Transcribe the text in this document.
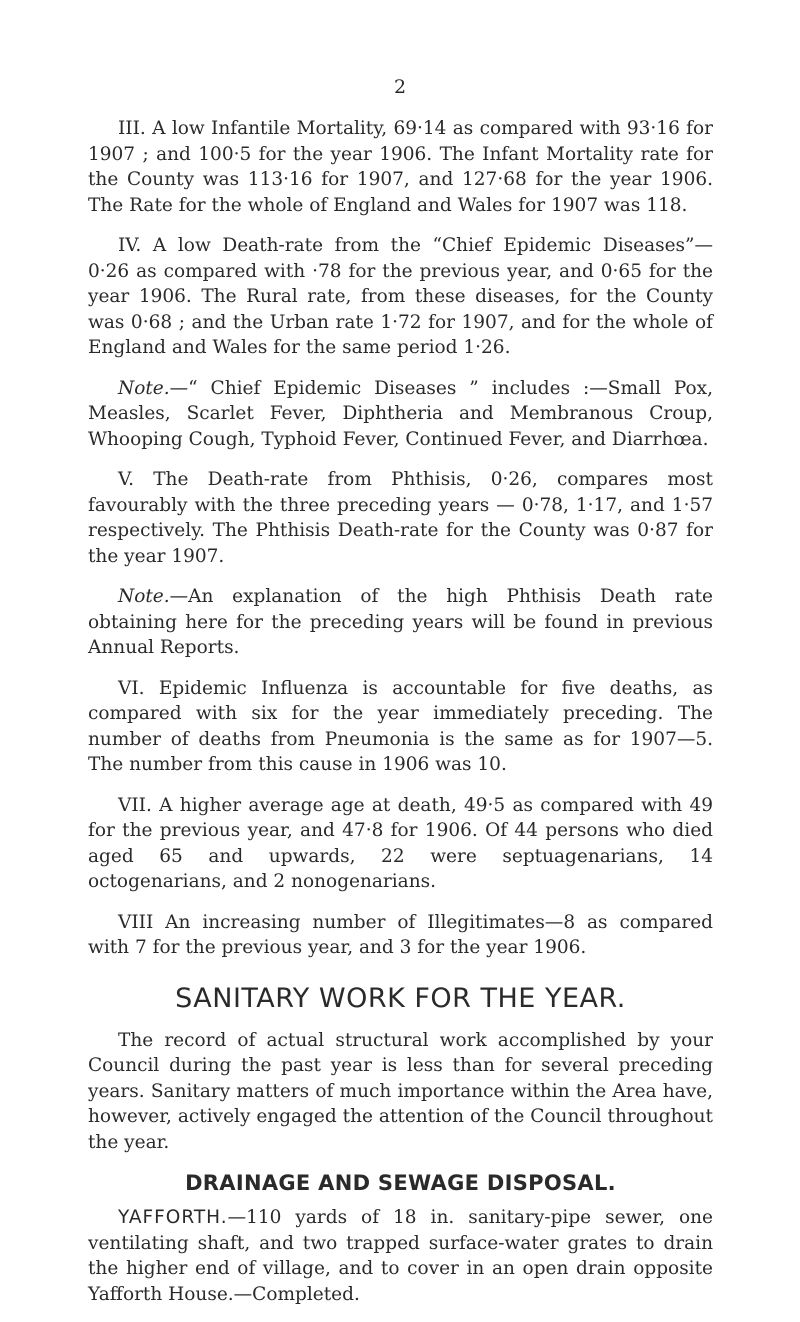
2

III. A low Infantile Mortality, 69·14 as compared with 93·16 for 1907 ; and 100·5 for the year 1906. The Infant Mortality rate for the County was 113·16 for 1907, and 127·68 for the year 1906. The Rate for the whole of England and Wales for 1907 was 118.

IV. A low Death-rate from the “Chief Epidemic Diseases”— 0·26 as compared with ·78 for the previous year, and 0·65 for the year 1906. The Rural rate, from these diseases, for the County was 0·68 ; and the Urban rate 1·72 for 1907, and for the whole of England and Wales for the same period 1·26.

Note.—“ Chief Epidemic Diseases ” includes :—Small Pox, Measles, Scarlet Fever, Diphtheria and Membranous Croup, Whooping Cough, Typhoid Fever, Continued Fever, and Diarrhœa.

V. The Death-rate from Phthisis, 0·26, compares most favourably with the three preceding years — 0·78, 1·17, and 1·57 respectively. The Phthisis Death-rate for the County was 0·87 for the year 1907.

Note.—An explanation of the high Phthisis Death rate obtaining here for the preceding years will be found in previous Annual Reports.

VI. Epidemic Influenza is accountable for five deaths, as compared with six for the year immediately preceding. The number of deaths from Pneumonia is the same as for 1907—5. The number from this cause in 1906 was 10.

VII. A higher average age at death, 49·5 as compared with 49 for the previous year, and 47·8 for 1906. Of 44 persons who died aged 65 and upwards, 22 were septuagenarians, 14 octogenarians, and 2 nonogenarians.

VIII An increasing number of Illegitimates—8 as compared with 7 for the previous year, and 3 for the year 1906.

SANITARY WORK FOR THE YEAR.

The record of actual structural work accomplished by your Council during the past year is less than for several preceding years. Sanitary matters of much importance within the Area have, however, actively engaged the attention of the Council throughout the year.

DRAINAGE AND SEWAGE DISPOSAL.

YAFFORTH.—110 yards of 18 in. sanitary-pipe sewer, one ventilating shaft, and two trapped surface-water grates to drain the higher end of village, and to cover in an open drain opposite Yafforth House.—Completed.
